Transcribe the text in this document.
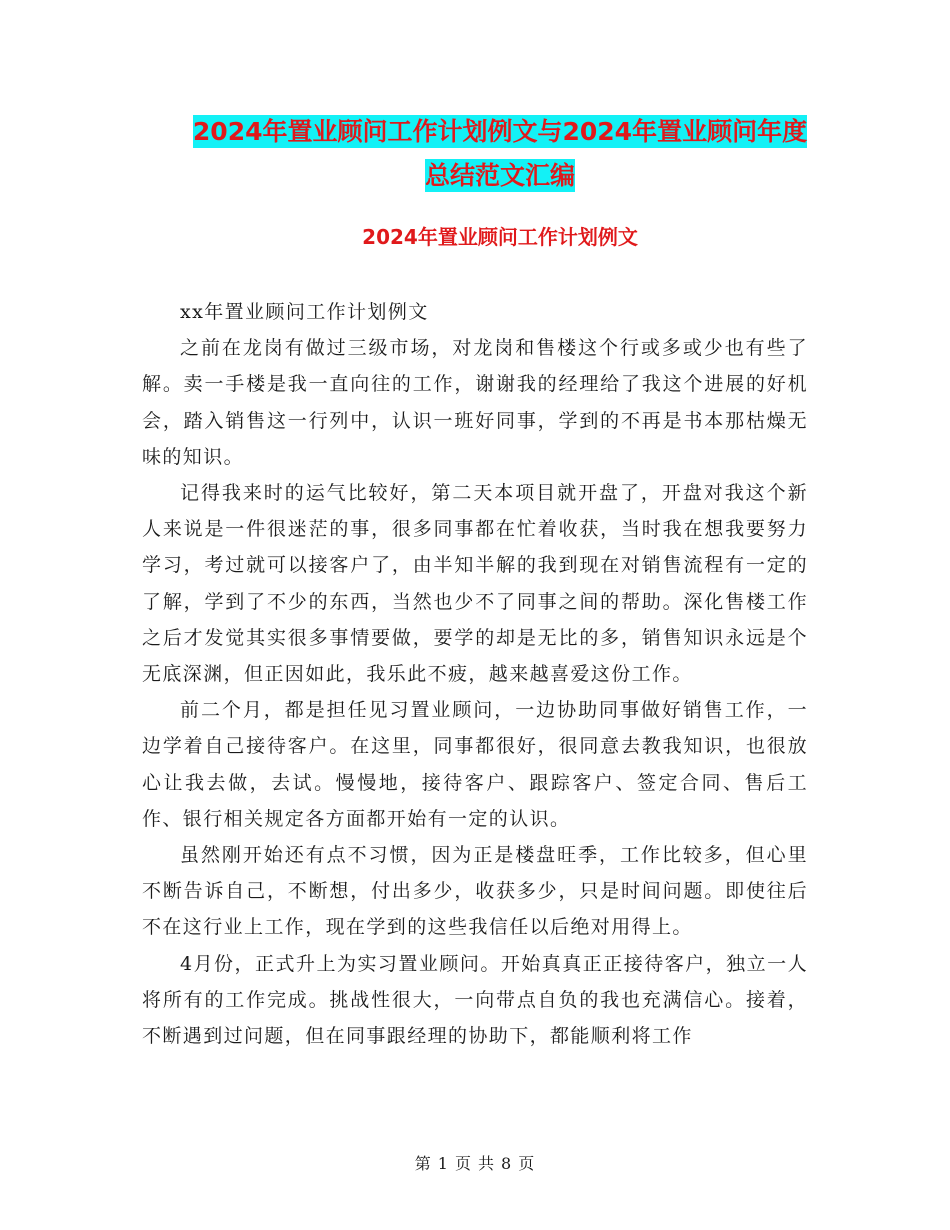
2024年置业顾问工作计划例文与2024年置业顾问年度
总结范文汇编
2024年置业顾问工作计划例文

xx年置业顾问工作计划例文

之前在龙岗有做过三级市场，对龙岗和售楼这个行或多或少也有些了解。卖一手楼是我一直向往的工作，谢谢我的经理给了我这个进展的好机会，踏入销售这一行列中，认识一班好同事，学到的不再是书本那枯燥无味的知识。

记得我来时的运气比较好，第二天本项目就开盘了，开盘对我这个新人来说是一件很迷茫的事，很多同事都在忙着收获，当时我在想我要努力学习，考过就可以接客户了，由半知半解的我到现在对销售流程有一定的了解，学到了不少的东西，当然也少不了同事之间的帮助。深化售楼工作之后才发觉其实很多事情要做，要学的却是无比的多，销售知识永远是个无底深渊，但正因如此，我乐此不疲，越来越喜爱这份工作。

前二个月，都是担任见习置业顾问，一边协助同事做好销售工作，一边学着自己接待客户。在这里，同事都很好，很同意去教我知识，也很放心让我去做，去试。慢慢地，接待客户、跟踪客户、签定合同、售后工作、银行相关规定各方面都开始有一定的认识。

虽然刚开始还有点不习惯，因为正是楼盘旺季，工作比较多，但心里不断告诉自己，不断想，付出多少，收获多少，只是时间问题。即使往后不在这行业上工作，现在学到的这些我信任以后绝对用得上。

4月份，正式升上为实习置业顾问。开始真真正正接待客户，独立一人将所有的工作完成。挑战性很大，一向带点自负的我也充满信心。接着，不断遇到过问题，但在同事跟经理的协助下，都能顺利将工作

第 1 页 共 8 页
